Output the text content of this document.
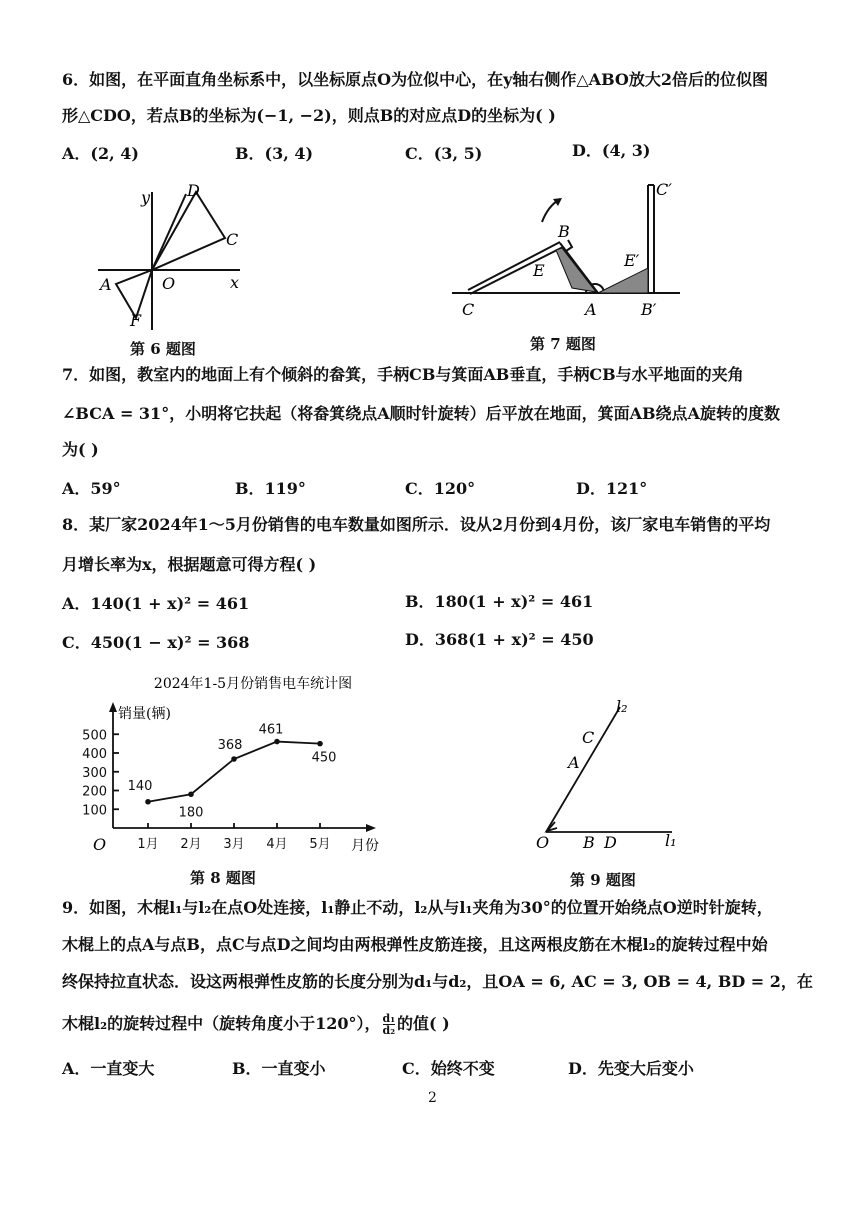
6．如图，在平面直角坐标系中，以坐标原点O为位似中心，在y轴右侧作△ABO放大2倍后的位似图
形△CDO，若点B的坐标为(−1, −2)，则点B的对应点D的坐标为( )
A．(2, 4)	B．(3, 4)	C．(3, 5)	D．(4, 3)
y
x
D
C
O
A
F
第 6 题图
C
E
B
A
C′
E′
B′
第 7 题图
7．如图，教室内的地面上有个倾斜的畚箕，手柄CB与箕面AB垂直，手柄CB与水平地面的夹角
∠BCA = 31°，小明将它扶起（将畚箕绕点A顺时针旋转）后平放在地面，箕面AB绕点A旋转的度数
为( )
A．59°	B．119°	C．120°	D．121°
8．某厂家2024年1～5月份销售的电车数量如图所示．设从2月份到4月份，该厂家电车销售的平均
月增长率为x，根据题意可得方程( )
A．140(1 + x)² = 461	B．180(1 + x)² = 461
C．450(1 − x)² = 368	D．368(1 + x)² = 450
2024年1-5月份销售电车统计图
销量(辆)
月份
O
100
200
300
400
500
1月 2月 3月 4月 5月
140
180
368
461
450
第 8 题图
l₂
l₁
C
A
O B D
第 9 题图
9．如图，木棍l₁与l₂在点O处连接，l₁静止不动，l₂从与l₁夹角为30°的位置开始绕点O逆时针旋转，
木棍上的点A与点B，点C与点D之间均由两根弹性皮筋连接，且这两根皮筋在木棍l₂的旋转过程中始
终保持拉直状态．设这两根弹性皮筋的长度分别为d₁与d₂，且OA = 6, AC = 3, OB = 4, BD = 2，在
木棍l₂的旋转过程中（旋转角度小于120°）， $\frac{\text{d₁}}{\text{d₂}}$ 的值( )
A．一直变大	B．一直变小	C．始终不变	D．先变大后变小
2
